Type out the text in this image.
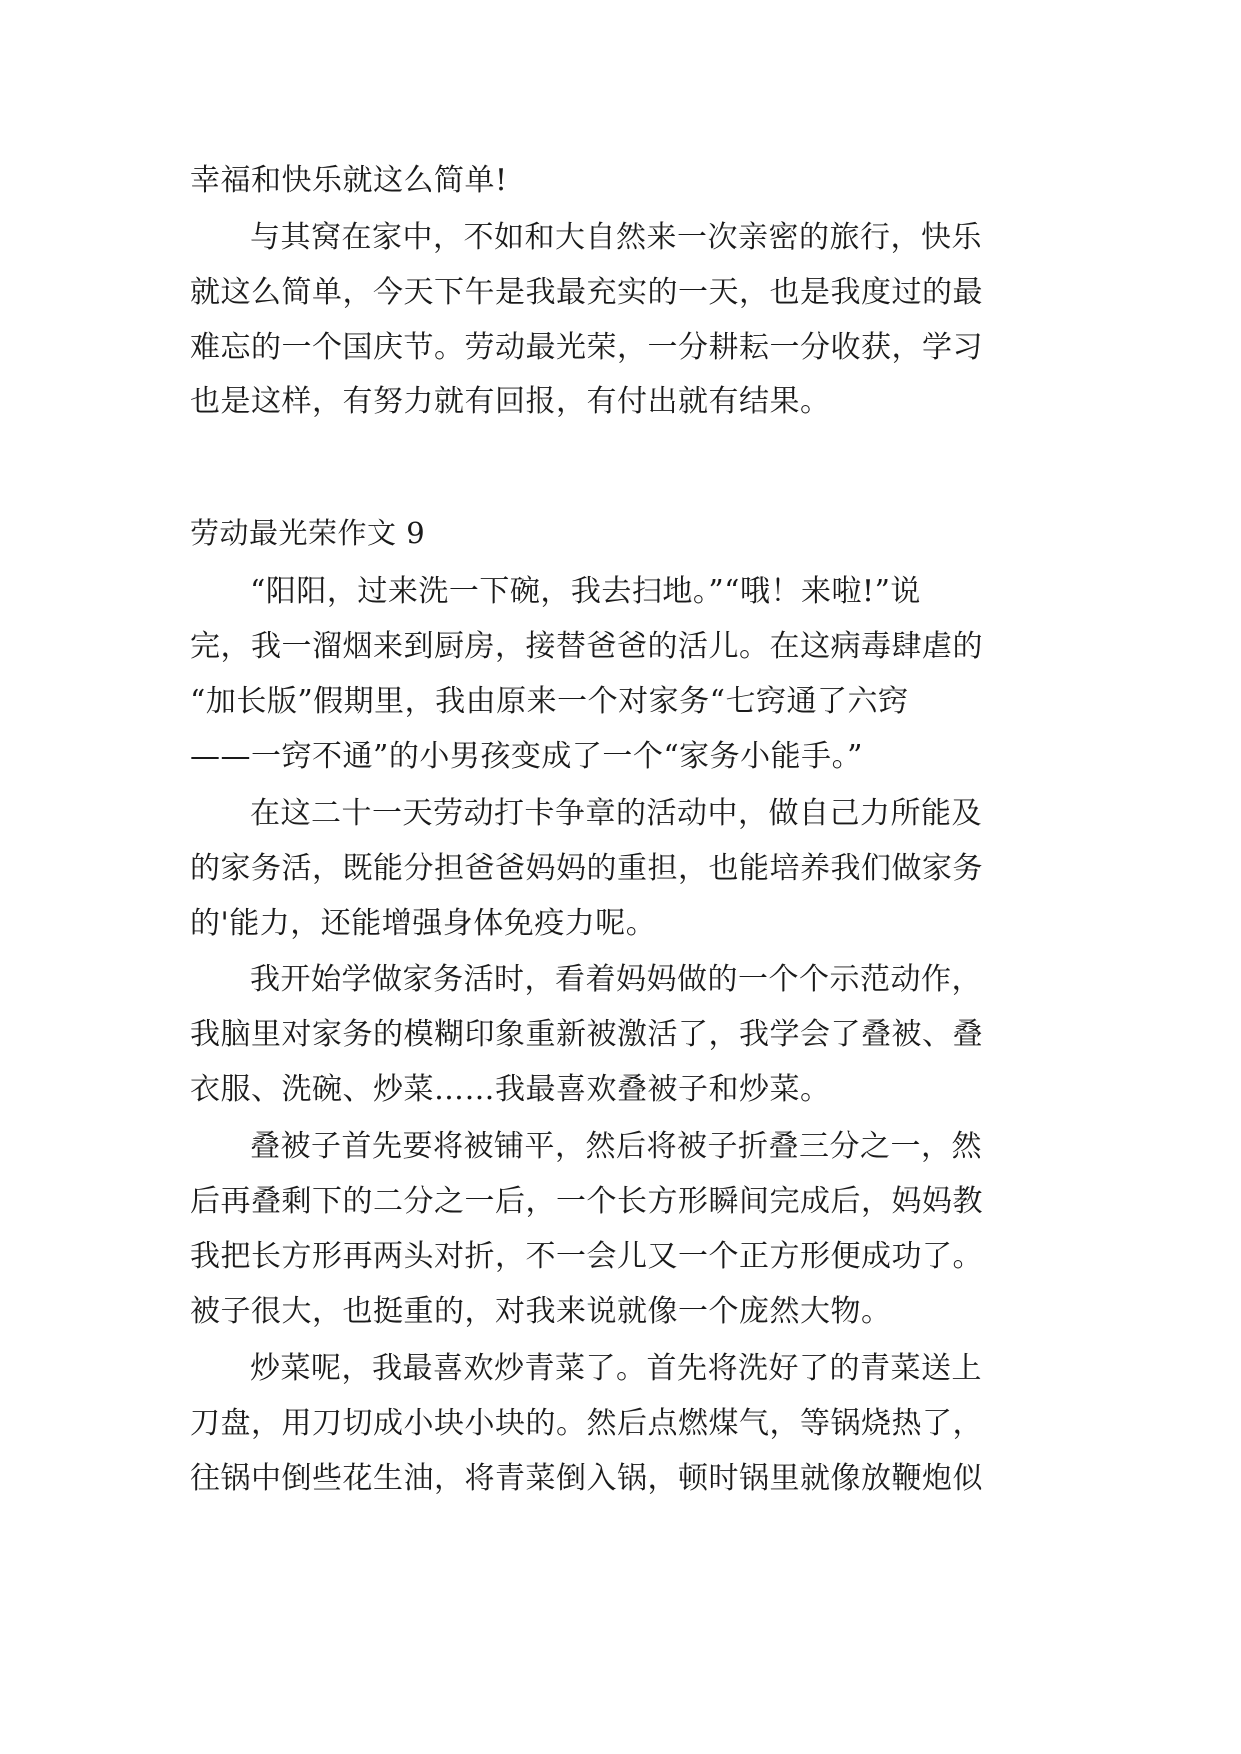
幸福和快乐就这么简单!
与其窝在家中，不如和大自然来一次亲密的旅行，快乐
就这么简单，今天下午是我最充实的一天，也是我度过的最
难忘的一个国庆节。劳动最光荣，一分耕耘一分收获，学习
也是这样，有努力就有回报，有付出就有结果。
劳动最光荣作文 9
“阳阳，过来洗一下碗，我去扫地。”“哦！来啦!”说
完，我一溜烟来到厨房，接替爸爸的活儿。在这病毒肆虐的
“加长版”假期里，我由原来一个对家务“七窍通了六窍
——一窍不通”的小男孩变成了一个“家务小能手。”
在这二十一天劳动打卡争章的活动中，做自己力所能及
的家务活，既能分担爸爸妈妈的重担，也能培养我们做家务
的'能力，还能增强身体免疫力呢。
我开始学做家务活时，看着妈妈做的一个个示范动作，
我脑里对家务的模糊印象重新被激活了，我学会了叠被、叠
衣服、洗碗、炒菜……我最喜欢叠被子和炒菜。
叠被子首先要将被铺平，然后将被子折叠三分之一，然
后再叠剩下的二分之一后，一个长方形瞬间完成后，妈妈教
我把长方形再两头对折，不一会儿又一个正方形便成功了。
被子很大，也挺重的，对我来说就像一个庞然大物。
炒菜呢，我最喜欢炒青菜了。首先将洗好了的青菜送上
刀盘，用刀切成小块小块的。然后点燃煤气，等锅烧热了，
往锅中倒些花生油，将青菜倒入锅，顿时锅里就像放鞭炮似
